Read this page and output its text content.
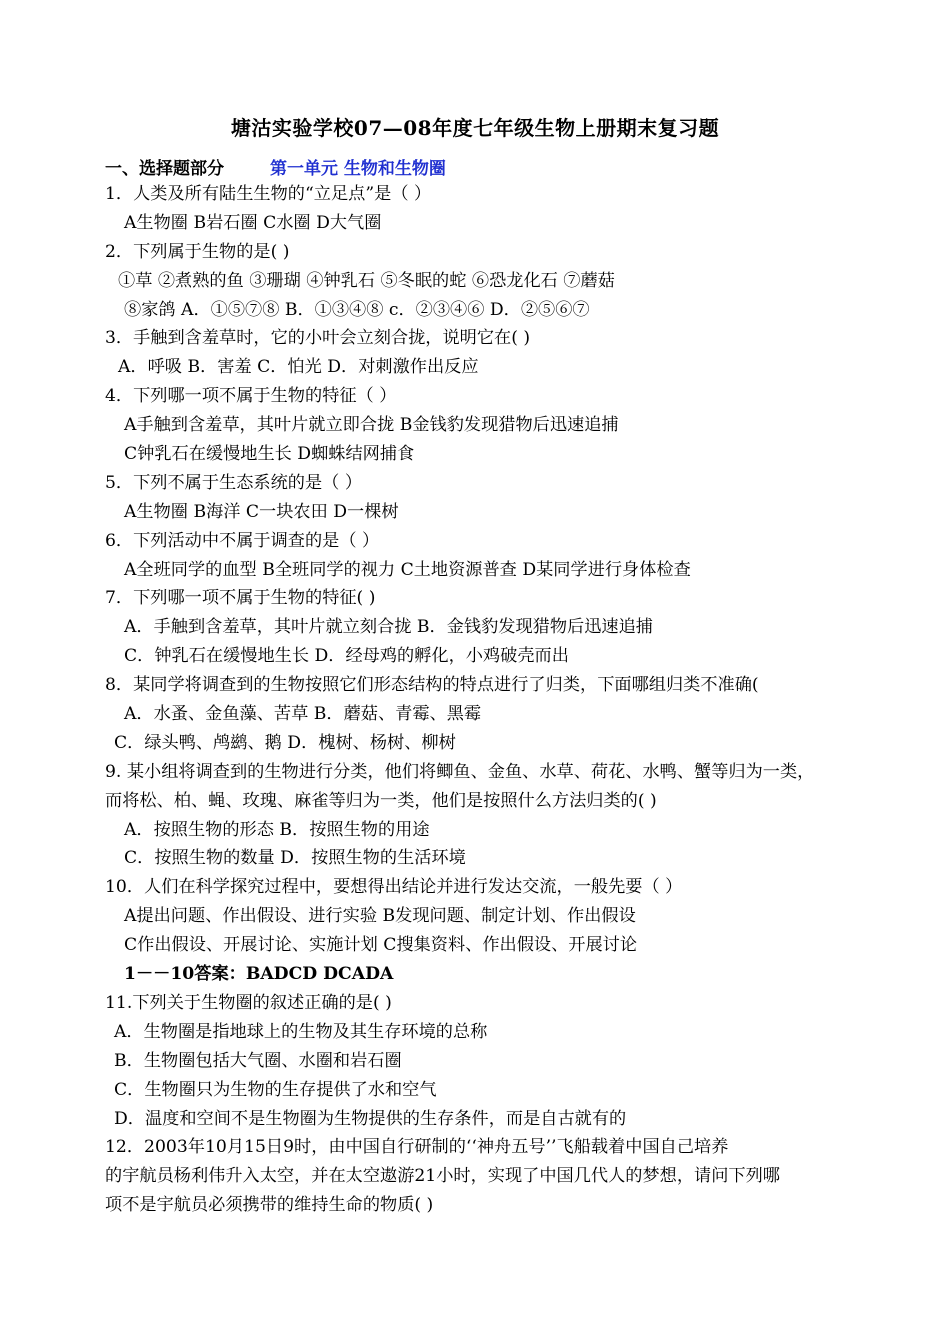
塘沽实验学校07—08年度七年级生物上册期末复习题
一、选择题部分	第一单元 生物和生物圈
1．人类及所有陆生生物的“立足点”是（ ）
A生物圈 B岩石圈 C水圈 D大气圈
2．下列属于生物的是( )
①草 ②煮熟的鱼 ③珊瑚 ④钟乳石 ⑤冬眠的蛇 ⑥恐龙化石 ⑦蘑菇
⑧家鸽 A．①⑤⑦⑧ B．①③④⑧ c．②③④⑥ D．②⑤⑥⑦
3．手触到含羞草时，它的小叶会立刻合拢，说明它在( )
A．呼吸 B．害羞 C．怕光 D．对刺激作出反应
4．下列哪一项不属于生物的特征（ ）
A手触到含羞草，其叶片就立即合拢 B金钱豹发现猎物后迅速追捕
C钟乳石在缓慢地生长 D蜘蛛结网捕食
5．下列不属于生态系统的是（ ）
A生物圈 B海洋 C一块农田 D一棵树
6．下列活动中不属于调查的是（ ）
A全班同学的血型 B全班同学的视力 C土地资源普查 D某同学进行身体检查
7．下列哪一项不属于生物的特征( )
A．手触到含羞草，其叶片就立刻合拢 B．金钱豹发现猎物后迅速追捕
C．钟乳石在缓慢地生长 D．经母鸡的孵化，小鸡破壳而出
8．某同学将调查到的生物按照它们形态结构的特点进行了归类，下面哪组归类不准确(
A．水蚤、金鱼藻、苦草 B．蘑菇、青霉、黑霉
C．绿头鸭、鸬鹚、鹅 D．槐树、杨树、柳树
9. 某小组将调查到的生物进行分类，他们将鲫鱼、金鱼、水草、荷花、水鸭、蟹等归为一类，
而将松、柏、蝇、玫瑰、麻雀等归为一类，他们是按照什么方法归类的( )
A．按照生物的形态 B．按照生物的用途
C．按照生物的数量 D．按照生物的生活环境
10．人们在科学探究过程中，要想得出结论并进行发达交流，一般先要（ ）
A提出问题、作出假设、进行实验 B发现问题、制定计划、作出假设
C作出假设、开展讨论、实施计划 C搜集资料、作出假设、开展讨论
1－－10答案：BADCD DCADA
11.下列关于生物圈的叙述正确的是( )
A．生物圈是指地球上的生物及其生存环境的总称
B．生物圈包括大气圈、水圈和岩石圈
C．生物圈只为生物的生存提供了水和空气
D．温度和空间不是生物圈为生物提供的生存条件，而是自古就有的
12．2003年10月15日9时，由中国自行研制的‘‘神舟五号’’飞船载着中国自己培养
的宇航员杨利伟升入太空，并在太空遨游21小时，实现了中国几代人的梦想，请问下列哪
项不是宇航员必须携带的维持生命的物质( )
